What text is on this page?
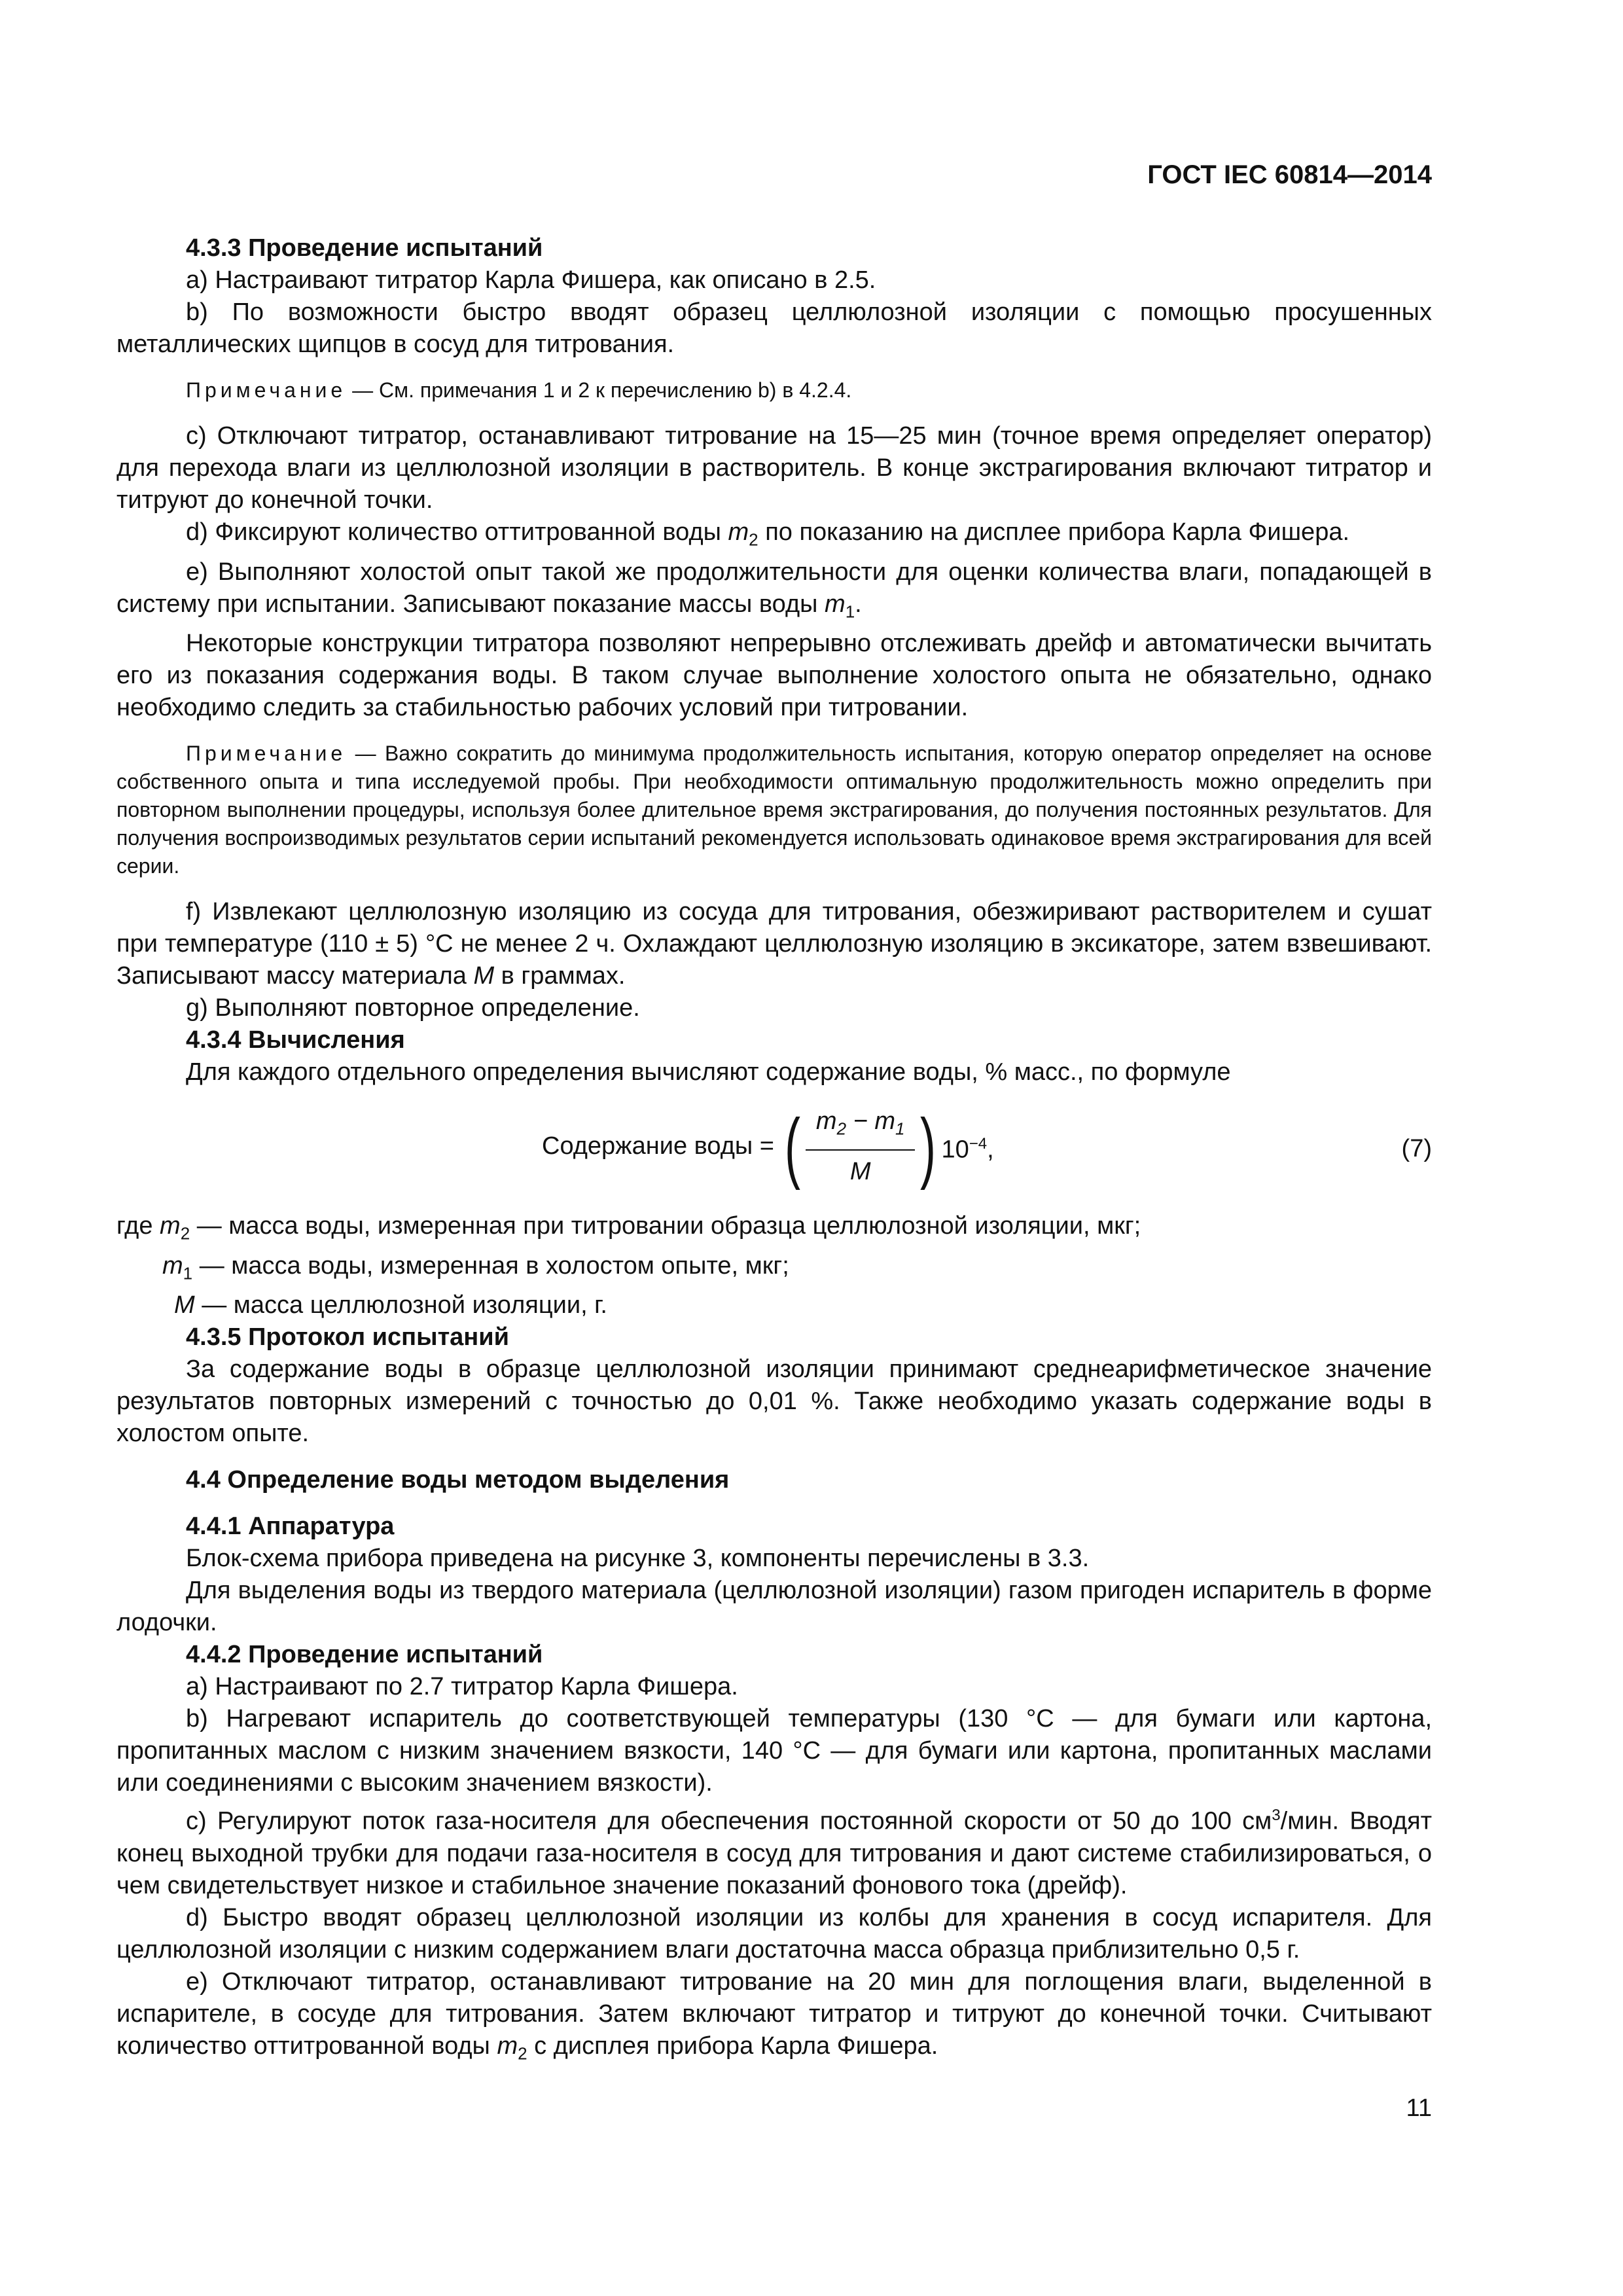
ГОСТ IEC 60814—2014

4.3.3 Проведение испытаний

a) Настраивают титратор Карла Фишера, как описано в 2.5.

b) По возможности быстро вводят образец целлюлозной изоляции с помощью просушенных металлических щипцов в сосуд для титрования.

Примечание — См. примечания 1 и 2 к перечислению b) в 4.2.4.

c) Отключают титратор, останавливают титрование на 15—25 мин (точное время определяет оператор) для перехода влаги из целлюлозной изоляции в растворитель. В конце экстрагирования включают титратор и титруют до конечной точки.

d) Фиксируют количество оттитрованной воды $m_2$ по показанию на дисплее прибора Карла Фишера.

e) Выполняют холостой опыт такой же продолжительности для оценки количества влаги, попадающей в систему при испытании. Записывают показание массы воды $m_1$.

Некоторые конструкции титратора позволяют непрерывно отслеживать дрейф и автоматически вычитать его из показания содержания воды. В таком случае выполнение холостого опыта не обязательно, однако необходимо следить за стабильностью рабочих условий при титровании.

Примечание — Важно сократить до минимума продолжительность испытания, которую оператор определяет на основе собственного опыта и типа исследуемой пробы. При необходимости оптимальную продолжительность можно определить при повторном выполнении процедуры, используя более длительное время экстрагирования, до получения постоянных результатов. Для получения воспроизводимых результатов серии испытаний рекомендуется использовать одинаковое время экстрагирования для всей серии.

f) Извлекают целлюлозную изоляцию из сосуда для титрования, обезжиривают растворителем и сушат при температуре (110 ± 5) °С не менее 2 ч. Охлаждают целлюлозную изоляцию в эксикаторе, затем взвешивают. Записывают массу материала M в граммах.

g) Выполняют повторное определение.

4.3.4 Вычисления

Для каждого отдельного определения вычисляют содержание воды, % масс., по формуле

Содержание воды = ( $\frac{m_2 - m_1}{M}$ ) $10^{-4}$,	(7)

где $m_2$ — масса воды, измеренная при титровании образца целлюлозной изоляции, мкг;

$m_1$ — масса воды, измеренная в холостом опыте, мкг;

M — масса целлюлозной изоляции, г.

4.3.5 Протокол испытаний

За содержание воды в образце целлюлозной изоляции принимают среднеарифметическое значение результатов повторных измерений с точностью до 0,01 %. Также необходимо указать содержание воды в холостом опыте.

4.4 Определение воды методом выделения

4.4.1 Аппаратура

Блок-схема прибора приведена на рисунке 3, компоненты перечислены в 3.3.

Для выделения воды из твердого материала (целлюлозной изоляции) газом пригоден испаритель в форме лодочки.

4.4.2 Проведение испытаний

a) Настраивают по 2.7 титратор Карла Фишера.

b) Нагревают испаритель до соответствующей температуры (130 °С — для бумаги или картона, пропитанных маслом с низким значением вязкости, 140 °С — для бумаги или картона, пропитанных маслами или соединениями с высоким значением вязкости).

c) Регулируют поток газа-носителя для обеспечения постоянной скорости от 50 до 100 $см^3$/мин. Вводят конец выходной трубки для подачи газа-носителя в сосуд для титрования и дают системе стабилизироваться, о чем свидетельствует низкое и стабильное значение показаний фонового тока (дрейф).

d) Быстро вводят образец целлюлозной изоляции из колбы для хранения в сосуд испарителя. Для целлюлозной изоляции с низким содержанием влаги достаточна масса образца приблизительно 0,5 г.

e) Отключают титратор, останавливают титрование на 20 мин для поглощения влаги, выделенной в испарителе, в сосуде для титрования. Затем включают титратор и титруют до конечной точки. Считывают количество оттитрованной воды $m_2$ с дисплея прибора Карла Фишера.

11
